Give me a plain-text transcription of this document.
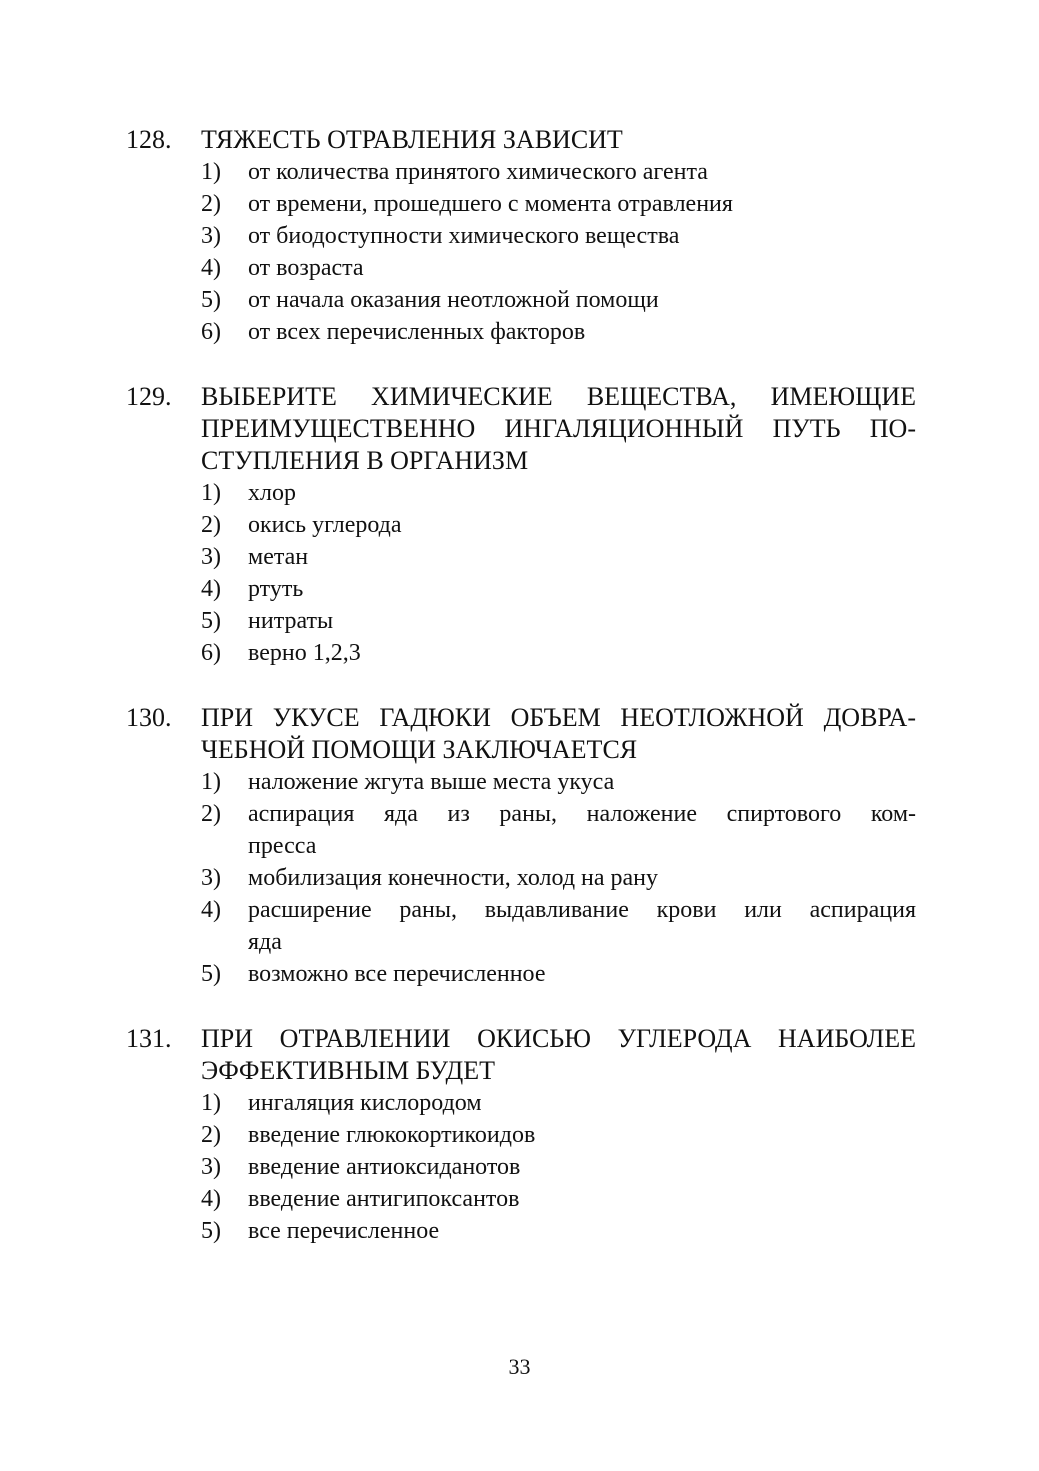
128.	ТЯЖЕСТЬ ОТРАВЛЕНИЯ ЗАВИСИТ
1)	от количества принятого химического агента
2)	от времени, прошедшего с момента отравления
3)	от биодоступности химического вещества
4)	от возраста
5)	от начала оказания неотложной помощи
6)	от всех перечисленных факторов
129.	ВЫБЕРИТЕ ХИМИЧЕСКИЕ ВЕЩЕСТВА, ИМЕЮЩИЕ
ПРЕИМУЩЕСТВЕННО ИНГАЛЯЦИОННЫЙ ПУТЬ ПО-
СТУПЛЕНИЯ В ОРГАНИЗМ
1)	хлор
2)	окись углерода
3)	метан
4)	ртуть
5)	нитраты
6)	верно 1,2,3
130.	ПРИ УКУСЕ ГАДЮКИ ОБЪЕМ НЕОТЛОЖНОЙ ДОВРА-
ЧЕБНОЙ ПОМОЩИ ЗАКЛЮЧАЕТСЯ
1)	наложение жгута выше места укуса
2)	аспирация яда из раны, наложение спиртового ком-
пресса
3)	мобилизация конечности, холод на рану
4)	расширение раны, выдавливание крови или аспирация
яда
5)	возможно все перечисленное
131.	ПРИ ОТРАВЛЕНИИ ОКИСЬЮ УГЛЕРОДА НАИБОЛЕЕ
ЭФФЕКТИВНЫМ БУДЕТ
1)	ингаляция кислородом
2)	введение глюкокортикоидов
3)	введение антиоксиданотов
4)	введение антигипоксантов
5)	все перечисленное
33
